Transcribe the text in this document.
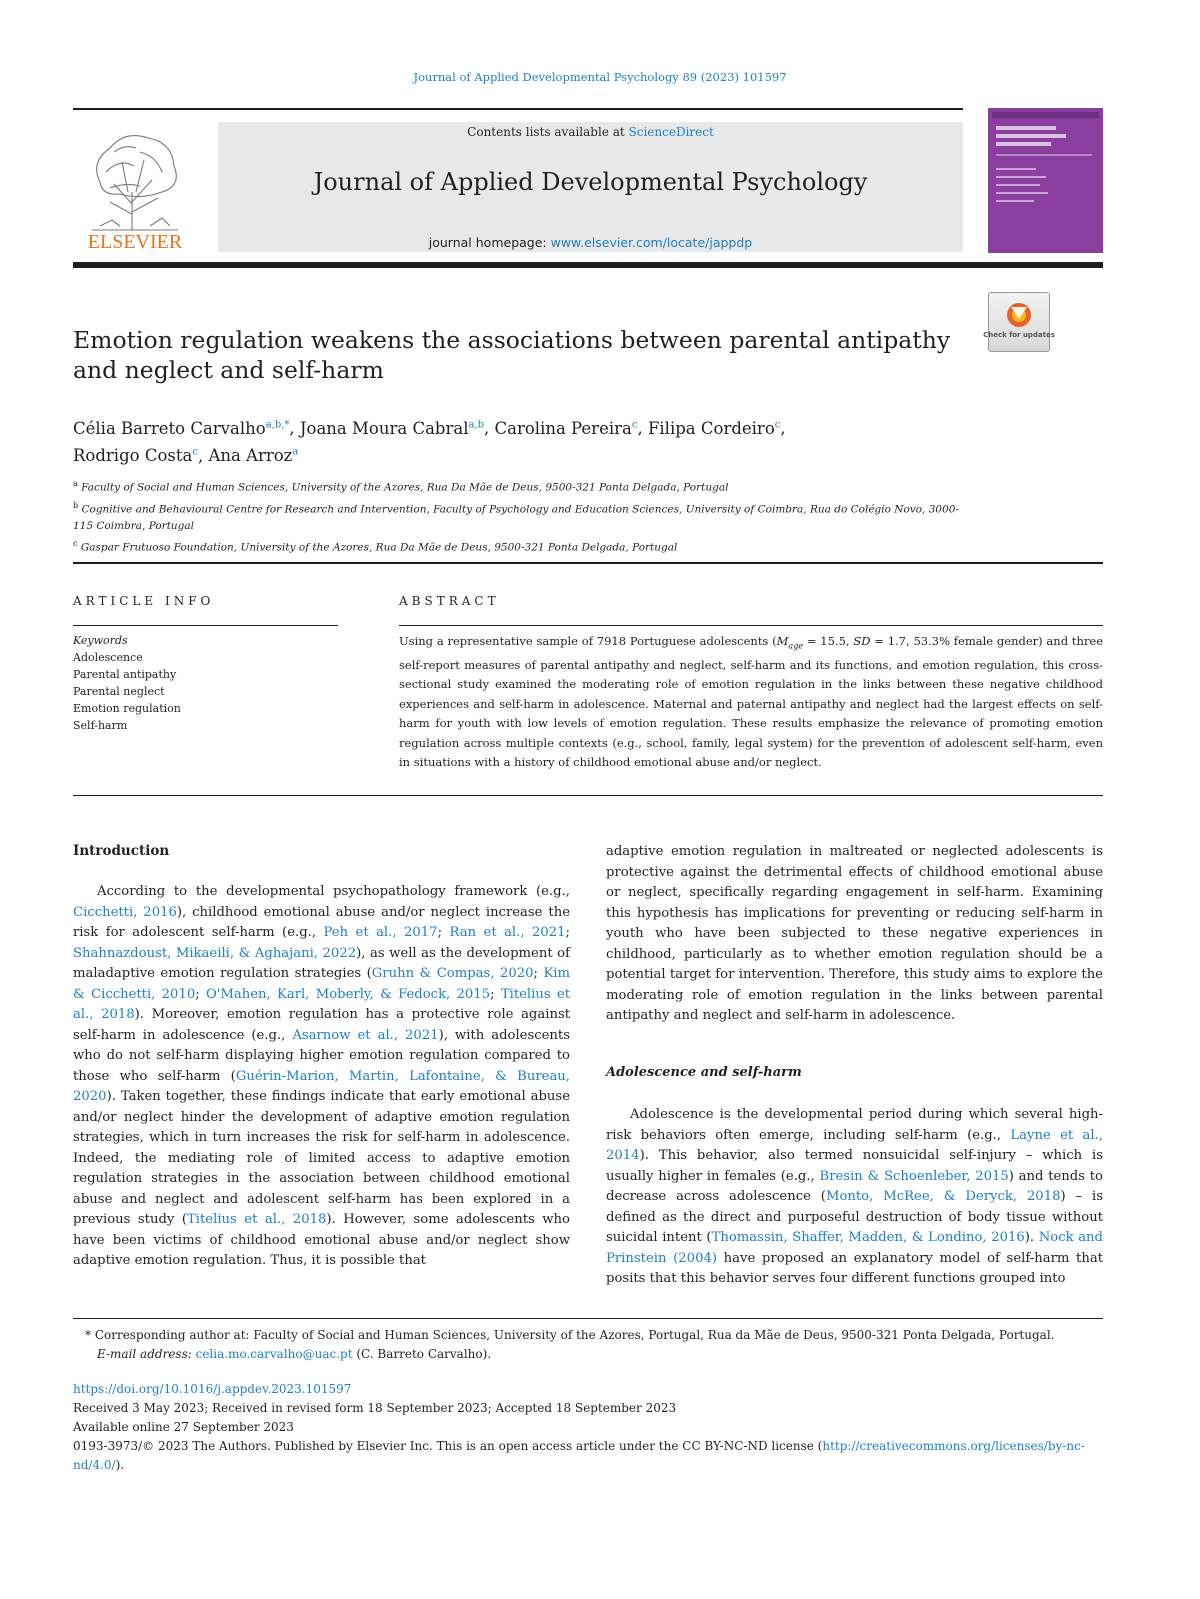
Journal of Applied Developmental Psychology 89 (2023) 101597
ELSEVIER
Contents lists available at ScienceDirect
Journal of Applied Developmental Psychology
journal homepage: www.elsevier.com/locate/jappdp
Emotion regulation weakens the associations between parental antipathy
and neglect and self-harm
Check for updates
Célia Barreto Carvalho$^{a,b,*}$, Joana Moura Cabral$^{a,b}$, Carolina Pereira$^c$, Filipa Cordeiro$^c$,
Rodrigo Costa$^c$, Ana Arroz$^a$

$^a$ Faculty of Social and Human Sciences, University of the Azores, Rua Da Mãe de Deus, 9500-321 Ponta Delgada, Portugal

$^b$ Cognitive and Behavioural Centre for Research and Intervention, Faculty of Psychology and Education Sciences, University of Coimbra, Rua do Colégio Novo, 3000-115 Coimbra, Portugal

$^c$ Gaspar Frutuoso Foundation, University of the Azores, Rua Da Mãe de Deus, 9500-321 Ponta Delgada, Portugal

ARTICLE INFO	ABSTRACT
Keywords
Adolescence
Parental antipathy
Parental neglect
Emotion regulation
Self-harm

Using a representative sample of 7918 Portuguese adolescents ($M_{age} = 15.5$, SD = 1.7, 53.3% female gender) and three self-report measures of parental antipathy and neglect, self-harm and its functions, and emotion regulation, this cross-sectional study examined the moderating role of emotion regulation in the links between these negative childhood experiences and self-harm in adolescence. Maternal and paternal antipathy and neglect had the largest effects on self-harm for youth with low levels of emotion regulation. These results emphasize the relevance of promoting emotion regulation across multiple contexts (e.g., school, family, legal system) for the prevention of adolescent self-harm, even in situations with a history of childhood emotional abuse and/or neglect.

Introduction

According to the developmental psychopathology framework (e.g., Cicchetti, 2016), childhood emotional abuse and/or neglect increase the risk for adolescent self-harm (e.g., Peh et al., 2017; Ran et al., 2021; Shahnazdoust, Mikaeili, & Aghajani, 2022), as well as the development of maladaptive emotion regulation strategies (Gruhn & Compas, 2020; Kim & Cicchetti, 2010; O'Mahen, Karl, Moberly, & Fedock, 2015; Titelius et al., 2018). Moreover, emotion regulation has a protective role against self-harm in adolescence (e.g., Asarnow et al., 2021), with adolescents who do not self-harm displaying higher emotion regulation compared to those who self-harm (Guérin-Marion, Martin, Lafontaine, & Bureau, 2020). Taken together, these findings indicate that early emotional abuse and/or neglect hinder the development of adaptive emotion regulation strategies, which in turn increases the risk for self-harm in adolescence. Indeed, the mediating role of limited access to adaptive emotion regulation strategies in the association between childhood emotional abuse and neglect and adolescent self-harm has been explored in a previous study (Titelius et al., 2018). However, some adolescents who have been victims of childhood emotional abuse and/or neglect show adaptive emotion regulation. Thus, it is possible that

adaptive emotion regulation in maltreated or neglected adolescents is protective against the detrimental effects of childhood emotional abuse or neglect, specifically regarding engagement in self-harm. Examining this hypothesis has implications for preventing or reducing self-harm in youth who have been subjected to these negative experiences in childhood, particularly as to whether emotion regulation should be a potential target for intervention. Therefore, this study aims to explore the moderating role of emotion regulation in the links between parental antipathy and neglect and self-harm in adolescence.

Adolescence and self-harm

Adolescence is the developmental period during which several high-risk behaviors often emerge, including self-harm (e.g., Layne et al., 2014). This behavior, also termed nonsuicidal self-injury – which is usually higher in females (e.g., Bresin & Schoenleber, 2015) and tends to decrease across adolescence (Monto, McRee, & Deryck, 2018) – is defined as the direct and purposeful destruction of body tissue without suicidal intent (Thomassin, Shaffer, Madden, & Londino, 2016). Nock and Prinstein (2004) have proposed an explanatory model of self-harm that posits that this behavior serves four different functions grouped into

* Corresponding author at: Faculty of Social and Human Sciences, University of the Azores, Portugal, Rua da Mãe de Deus, 9500-321 Ponta Delgada, Portugal.

E-mail address: celia.mo.carvalho@uac.pt (C. Barreto Carvalho).

https://doi.org/10.1016/j.appdev.2023.101597

Received 3 May 2023; Received in revised form 18 September 2023; Accepted 18 September 2023

Available online 27 September 2023

0193-3973/© 2023 The Authors. Published by Elsevier Inc. This is an open access article under the CC BY-NC-ND license (http://creativecommons.org/licenses/by-nc-nd/4.0/).
